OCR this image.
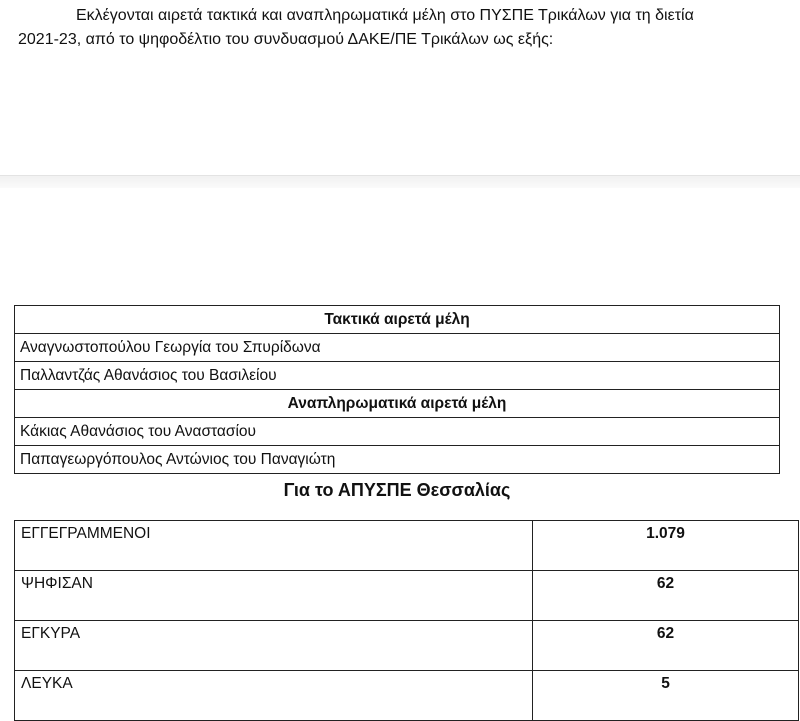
Εκλέγονται αιρετά τακτικά και αναπληρωματικά μέλη στο ΠΥΣΠΕ Τρικάλων για τη διετία
2021-23, από το ψηφοδέλτιο του συνδυασμού ΔΑΚΕ/ΠΕ Τρικάλων ως εξής:
Τακτικά αιρετά μέλη
Αναγνωστοπούλου Γεωργία του Σπυρίδωνα
Παλλαντζάς Αθανάσιος του Βασιλείου
Αναπληρωματικά αιρετά μέλη
Κάκιας Αθανάσιος του Αναστασίου
Παπαγεωργόπουλος Αντώνιος του Παναγιώτη
Για το ΑΠΥΣΠΕ Θεσσαλίας
ΕΓΓΕΓΡΑΜΜΕΝΟΙ	1.079
ΨΗΦΙΣΑΝ	62
ΕΓΚΥΡΑ	62
ΛΕΥΚΑ	5
